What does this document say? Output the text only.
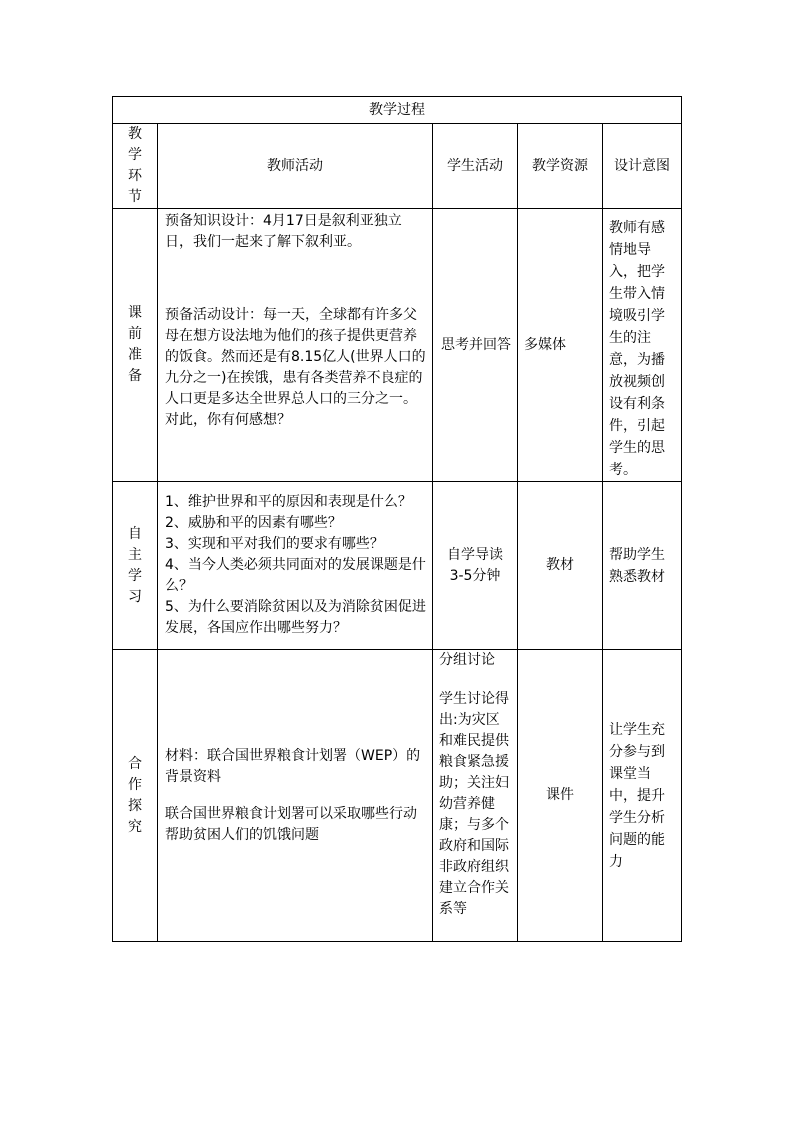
教学过程				

教
学
环
节	教师活动	学生活动	教学资源	设计意图

课
前
准
备	预备知识设计：4月17日是叙利亚独立日，我们一起来了解下叙利亚。
预备活动设计：每一天，全球都有许多父母在想方设法地为他们的孩子提供更营养的饭食。然而还是有8.15亿人(世界人口的九分之一)在挨饿，患有各类营养不良症的人口更是多达全世界总人口的三分之一。对此，你有何感想？	思考并回答	多媒体	教师有感情地导入，把学生带入情境吸引学生的注意，为播放视频创设有利条件，引起学生的思考。

自
主
学
习	1、维护世界和平的原因和表现是什么？
2、威胁和平的因素有哪些？
3、实现和平对我们的要求有哪些？
4、当今人类必须共同面对的发展课题是什么？
5、为什么要消除贫困以及为消除贫困促进发展，各国应作出哪些努力？	自学导读
3-5分钟	教材	帮助学生熟悉教材

合
作
探
究	材料：联合国世界粮食计划署（WEP）的背景资料
联合国世界粮食计划署可以采取哪些行动帮助贫困人们的饥饿问题	分组讨论
学生讨论得出:为灾区和难民提供粮食紧急援助；关注妇幼营养健康；与多个政府和国际非政府组织建立合作关系等	课件	让学生充分参与到课堂当中，提升学生分析问题的能力
